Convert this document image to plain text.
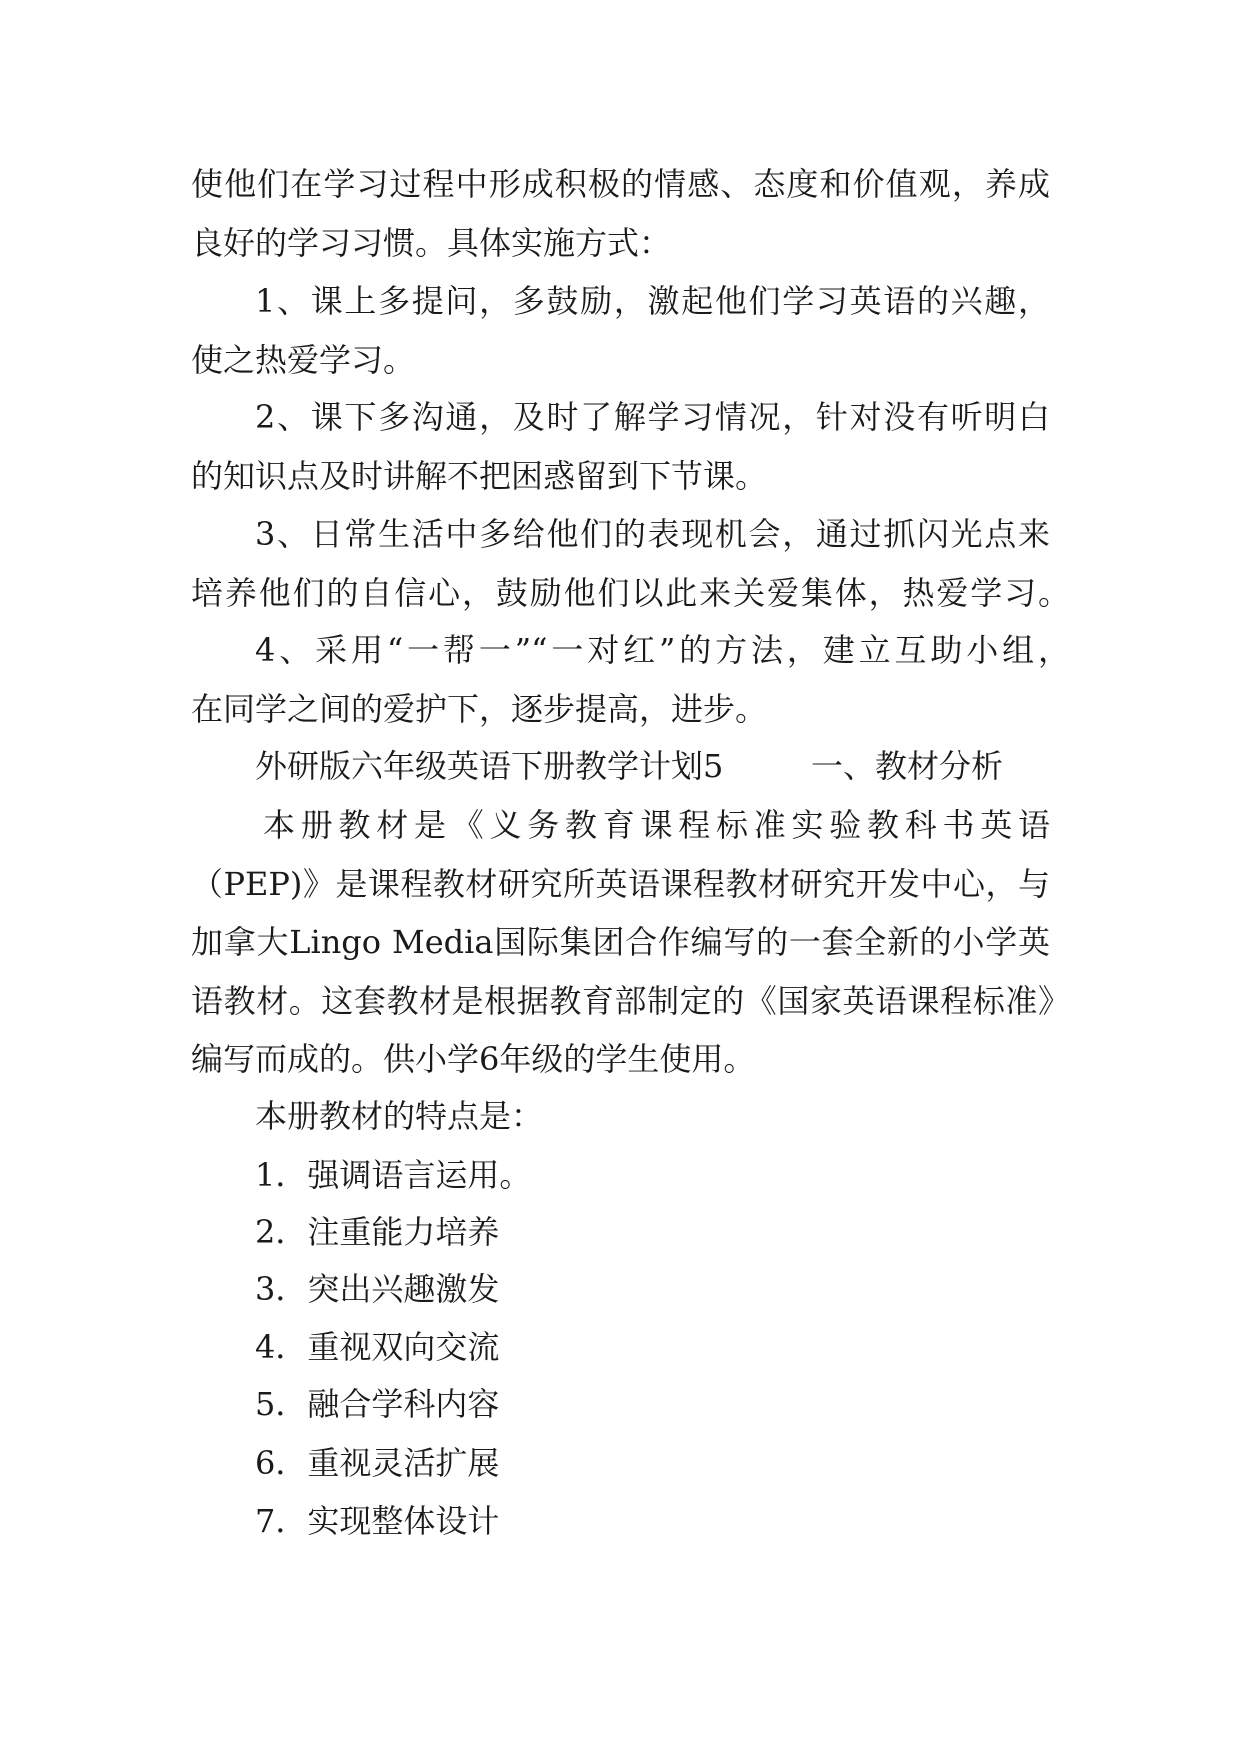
使他们在学习过程中形成积极的情感、态度和价值观，养成
良好的学习习惯。具体实施方式：
1、课上多提问，多鼓励，激起他们学习英语的兴趣，
使之热爱学习。
2、课下多沟通，及时了解学习情况，针对没有听明白
的知识点及时讲解不把困惑留到下节课。
3、日常生活中多给他们的表现机会，通过抓闪光点来
培养他们的自信心，鼓励他们以此来关爱集体，热爱学习。
4、采用“一帮一”“一对红”的方法，建立互助小组，
在同学之间的爱护下，逐步提高，进步。
外研版六年级英语下册教学计划5	一、教材分析
本册教材是《义务教育课程标准实验教科书英语
（PEP)》是课程教材研究所英语课程教材研究开发中心，与
加拿大Lingo Media国际集团合作编写的一套全新的小学英
语教材。这套教材是根据教育部制定的《国家英语课程标准》
编写而成的。供小学6年级的学生使用。
本册教材的特点是：
1．强调语言运用。
2．注重能力培养
3．突出兴趣激发
4．重视双向交流
5．融合学科内容
6．重视灵活扩展
7．实现整体设计
